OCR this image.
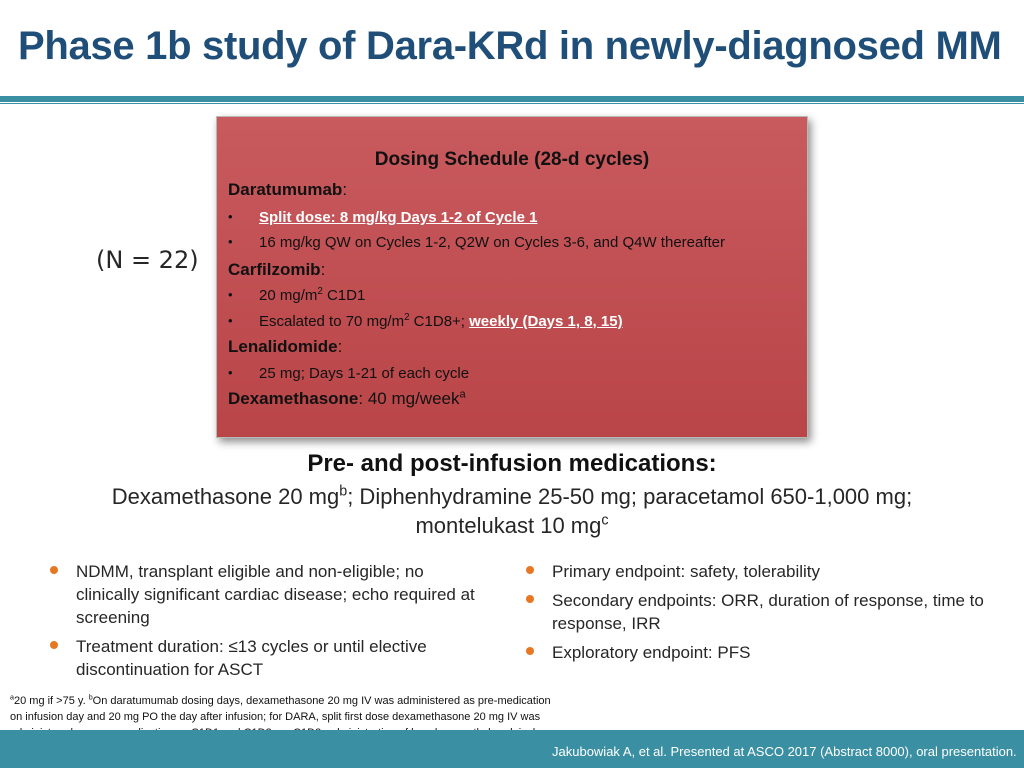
Phase 1b study of Dara-KRd in newly-diagnosed MM
(N = 22)
Dosing Schedule (28-d cycles)
Daratumumab:
• Split dose: 8 mg/kg Days 1-2 of Cycle 1
• 16 mg/kg QW on Cycles 1-2, Q2W on Cycles 3-6, and Q4W thereafter
Carfilzomib:
• 20 $mg/m^2$ C1D1
• Escalated to 70 $mg/m^2$ C1D8+; weekly (Days 1, 8, 15)
Lenalidomide:
• 25 mg; Days 1-21 of each cycle
Dexamethasone: 40 mg/week$^a$
Pre- and post-infusion medications:
Dexamethasone 20 $mg^b$; Diphenhydramine 25-50 mg; paracetamol 650-1,000 mg;
montelukast 10 $mg^c$
NDMM, transplant eligible and non-eligible; no clinically significant cardiac disease; echo required at screening
Treatment duration: ≤13 cycles or until elective discontinuation for ASCT
Primary endpoint: safety, tolerability
Secondary endpoints: ORR, duration of response, time to response, IRR
Exploratory endpoint: PFS
$^a$20 mg if >75 y. $^b$On daratumumab dosing days, dexamethasone 20 mg IV was administered as pre-medication on infusion day and 20 mg PO the day after infusion; for DARA, split first dose dexamethasone 20 mg IV was
Jakubowiak A, et al. Presented at ASCO 2017 (Abstract 8000), oral presentation.
